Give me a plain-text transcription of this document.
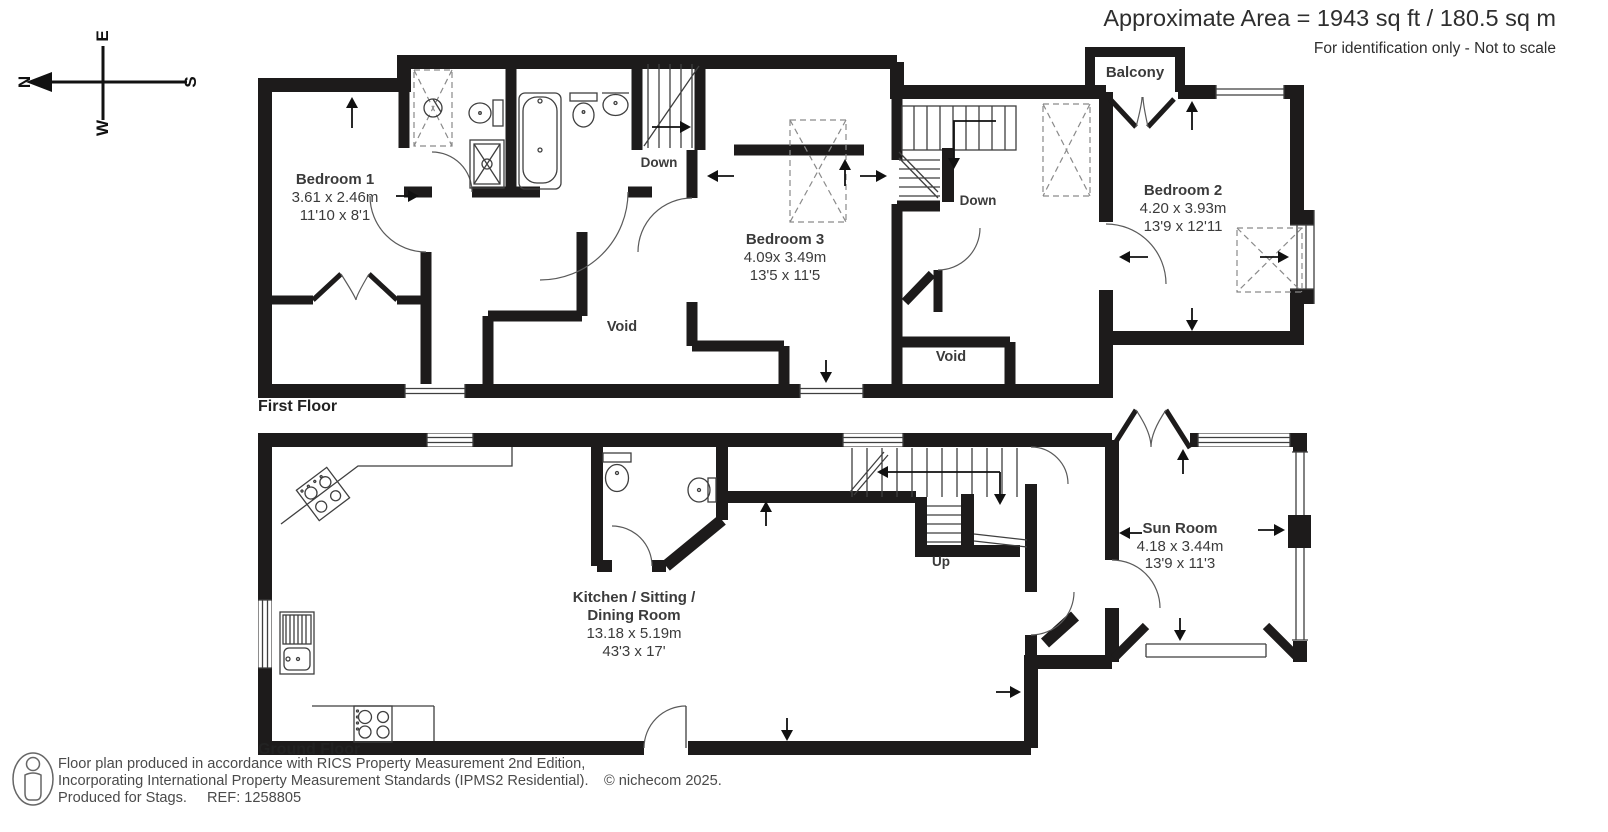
Approximate Area = 1943 sq ft / 180.5 sq m
For identification only - Not to scale
N
E
S
W
Down
Down
Void
Void
Balcony
Bedroom 1
3.61 x 2.46m
11'10 x 8'1
Bedroom 3
4.09x 3.49m
13'5 x 11'5
Bedroom 2
4.20 x 3.93m
13'9 x 12'11
First Floor
Up
Kitchen / Sitting /
Dining Room
13.18 x 5.19m
43'3 x 17'
Sun Room
4.18 x 3.44m
13'9 x 11'3
Ground Floor
Floor plan produced in accordance with RICS Property Measurement 2nd Edition,
Incorporating International Property Measurement Standards (IPMS2 Residential). © nichecom 2025.
Produced for Stags. REF: 1258805
